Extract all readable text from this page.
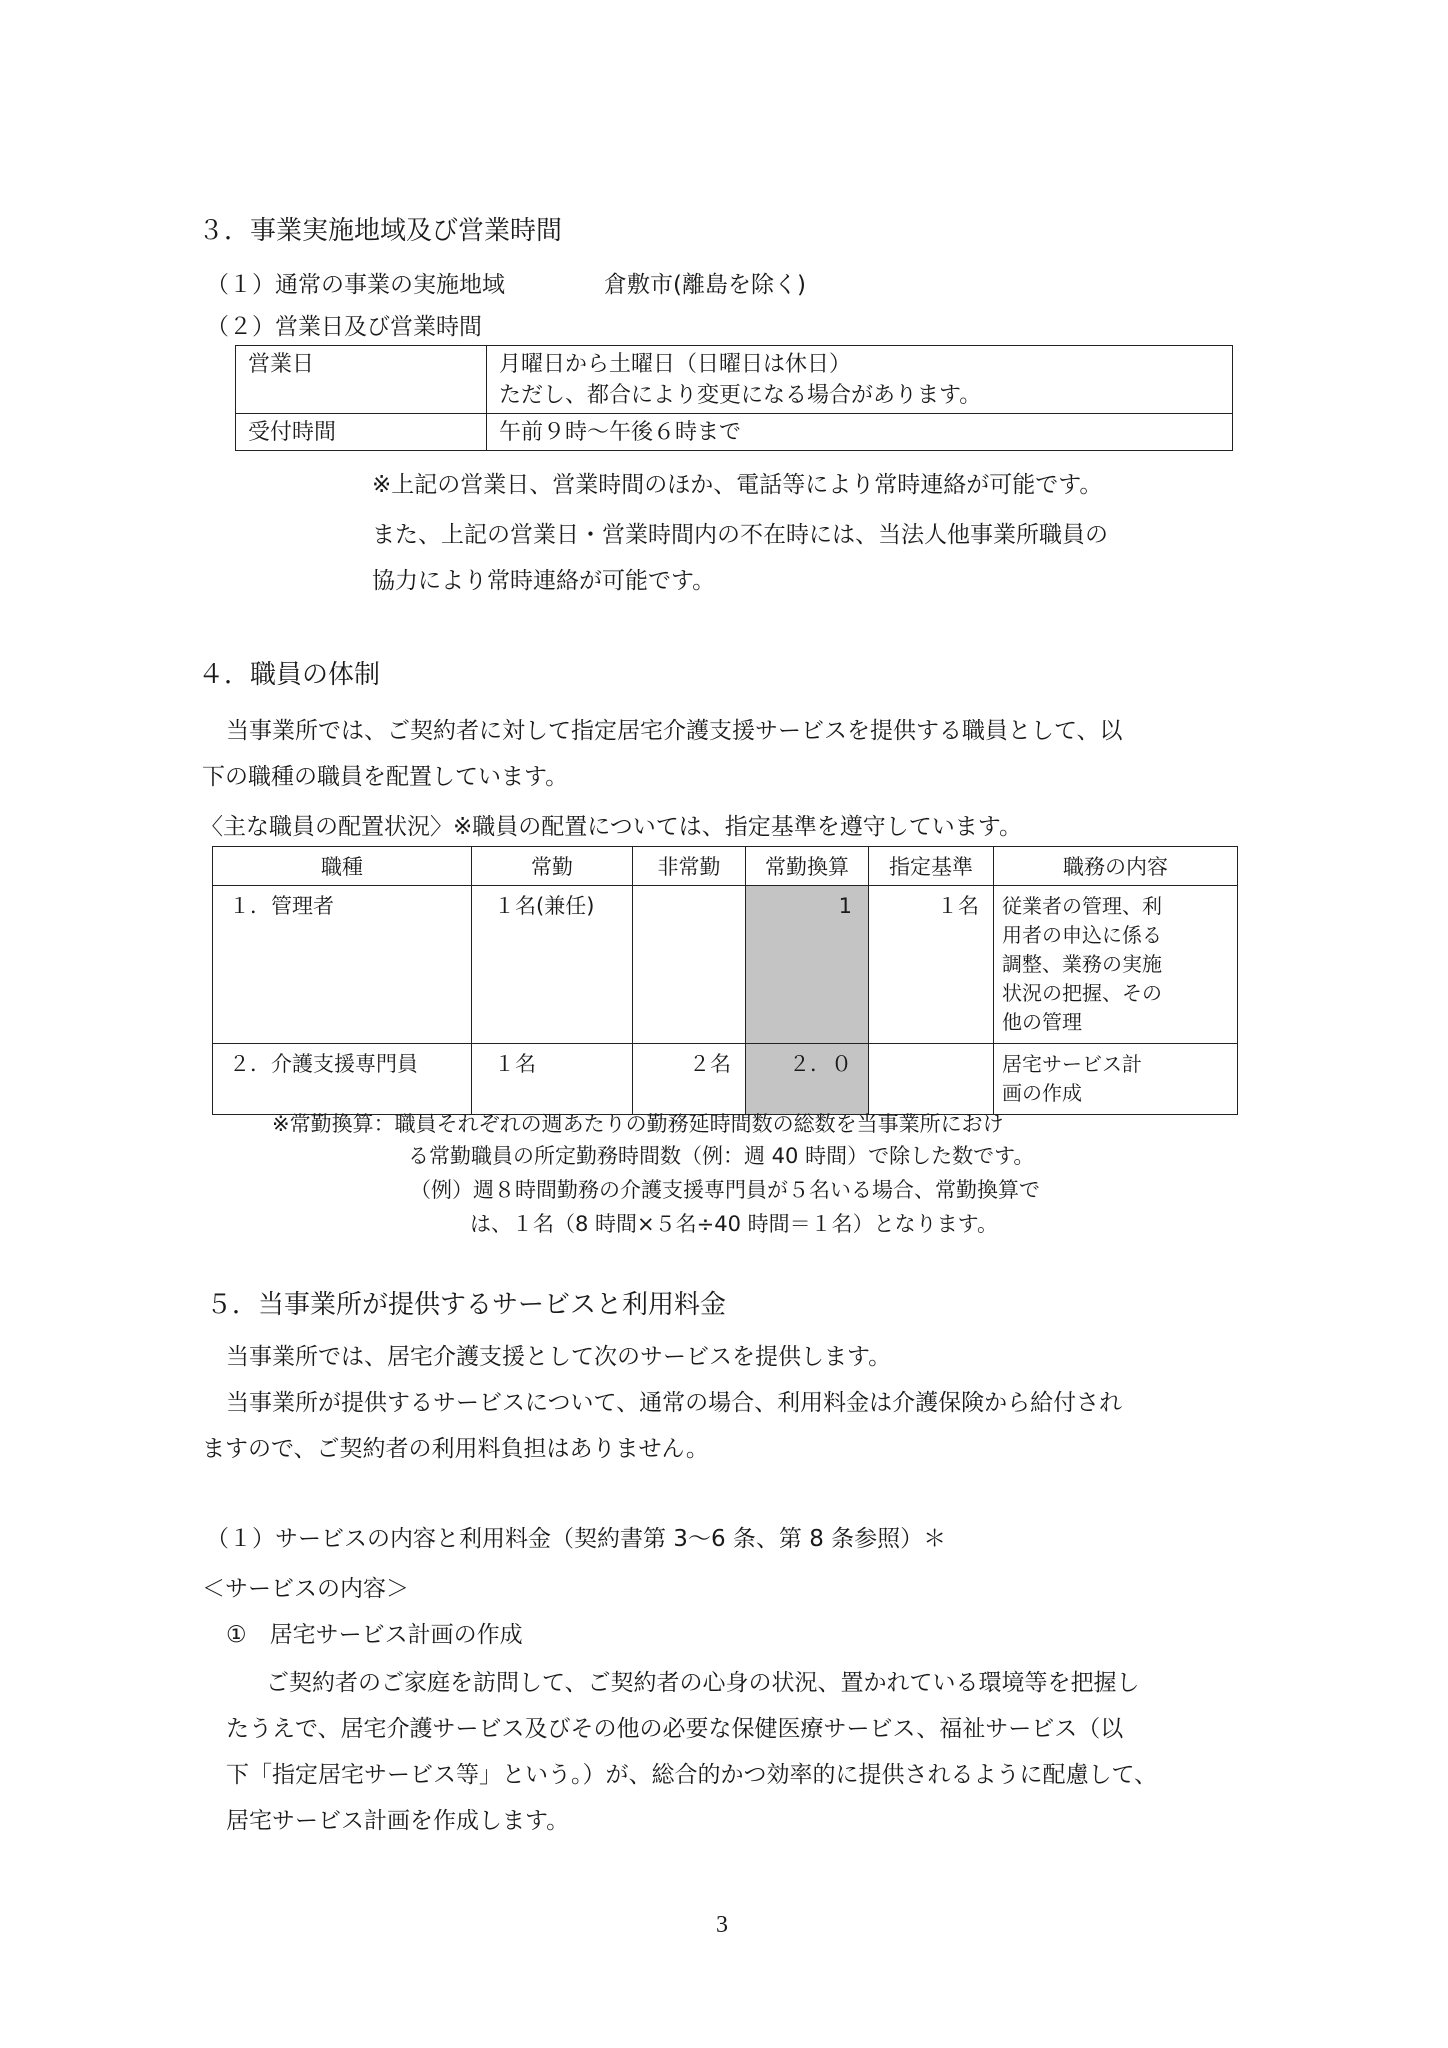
３．事業実施地域及び営業時間
（１）通常の事業の実施地域	倉敷市(離島を除く)
（２）営業日及び営業時間
営業日	月曜日から土曜日（日曜日は休日）
ただし、都合により変更になる場合があります。

受付時間	午前９時～午後６時まで
※上記の営業日、営業時間のほか、電話等により常時連絡が可能です。
また、上記の営業日・営業時間内の不在時には、当法人他事業所職員の
協力により常時連絡が可能です。
４．職員の体制
当事業所では、ご契約者に対して指定居宅介護支援サービスを提供する職員として、以
下の職種の職員を配置しています。
〈主な職員の配置状況〉※職員の配置については、指定基準を遵守しています。
職種	常勤	非常勤	常勤換算	指定基準	職務の内容
１．管理者	１名(兼任)		1	１名	従業者の管理、利
用者の申込に係る
調整、業務の実施
状況の把握、その
他の管理

２．介護支援専門員	１名	２名	２．０		居宅サービス計
画の作成
※常勤換算：職員それぞれの週あたりの勤務延時間数の総数を当事業所におけ
る常勤職員の所定勤務時間数（例：週 40 時間）で除した数です。
（例）週８時間勤務の介護支援専門員が５名いる場合、常勤換算で
は、１名（8 時間×５名÷40 時間＝１名）となります。
５．当事業所が提供するサービスと利用料金
当事業所では、居宅介護支援として次のサービスを提供します。
当事業所が提供するサービスについて、通常の場合、利用料金は介護保険から給付され
ますので、ご契約者の利用料負担はありません。
（１）サービスの内容と利用料金（契約書第 3～6 条、第 8 条参照）＊
＜サービスの内容＞
①　居宅サービス計画の作成
ご契約者のご家庭を訪問して、ご契約者の心身の状況、置かれている環境等を把握し
たうえで、居宅介護サービス及びその他の必要な保健医療サービス、福祉サービス（以
下「指定居宅サービス等」という。）が、総合的かつ効率的に提供されるように配慮して、
居宅サービス計画を作成します。
3
